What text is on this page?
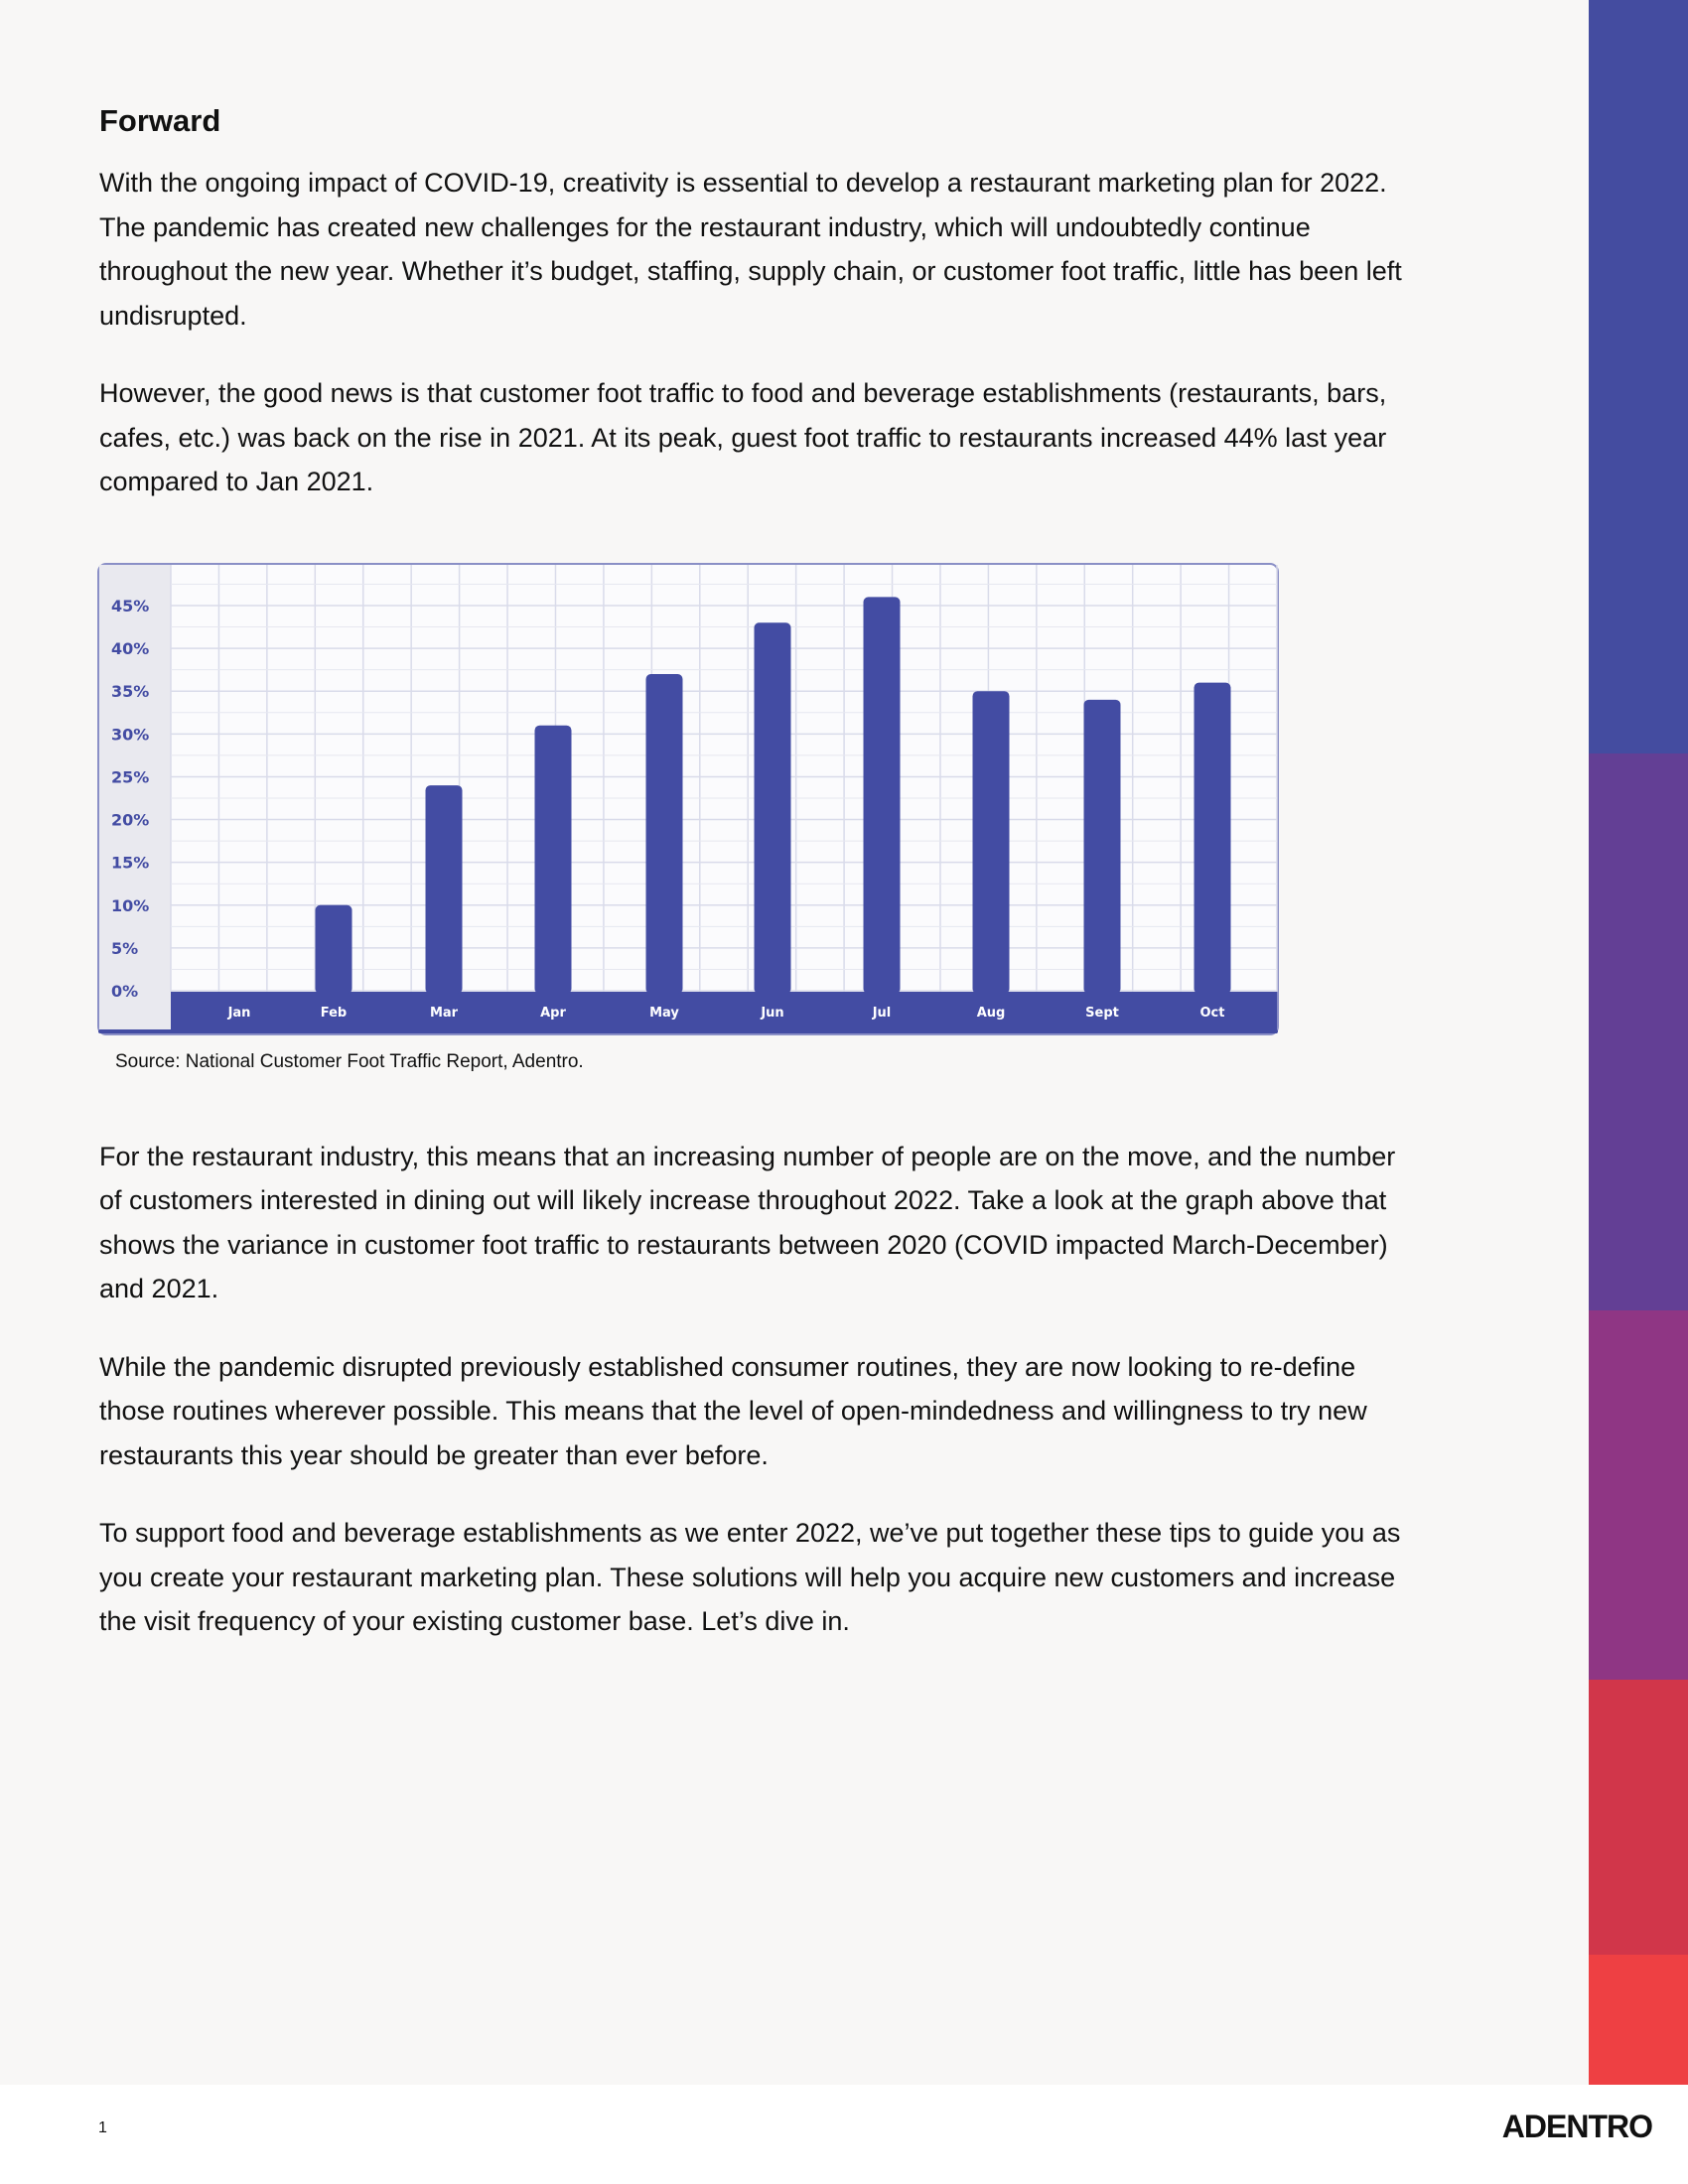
Forward

With the ongoing impact of COVID-19, creativity is essential to develop a restaurant marketing plan for 2022. The pandemic has created new challenges for the restaurant industry, which will undoubtedly continue throughout the new year. Whether it’s budget, staffing, supply chain, or customer foot traffic, little has been left undisrupted.

However, the good news is that customer foot traffic to food and beverage establishments (restaurants, bars, cafes, etc.) was back on the rise in 2021. At its peak, guest foot traffic to restaurants increased 44% last year compared to Jan 2021.

0%
5%
10%
15%
20%
25%
30%
35%
40%
45%
Jan	Feb	Mar	Apr	May	Jun	Jul	Aug	Sept	Oct
Source: National Customer Foot Traffic Report, Adentro.

For the restaurant industry, this means that an increasing number of people are on the move, and the number of customers interested in dining out will likely increase throughout 2022. Take a look at the graph above that shows the variance in customer foot traffic to restaurants between 2020 (COVID impacted March-December) and 2021.

While the pandemic disrupted previously established consumer routines, they are now looking to re-define those routines wherever possible. This means that the level of open-mindedness and willingness to try new restaurants this year should be greater than ever before.

To support food and beverage establishments as we enter 2022, we’ve put together these tips to guide you as you create your restaurant marketing plan. These solutions will help you acquire new customers and increase the visit frequency of your existing customer base. Let’s dive in.

1	ADENTRO
